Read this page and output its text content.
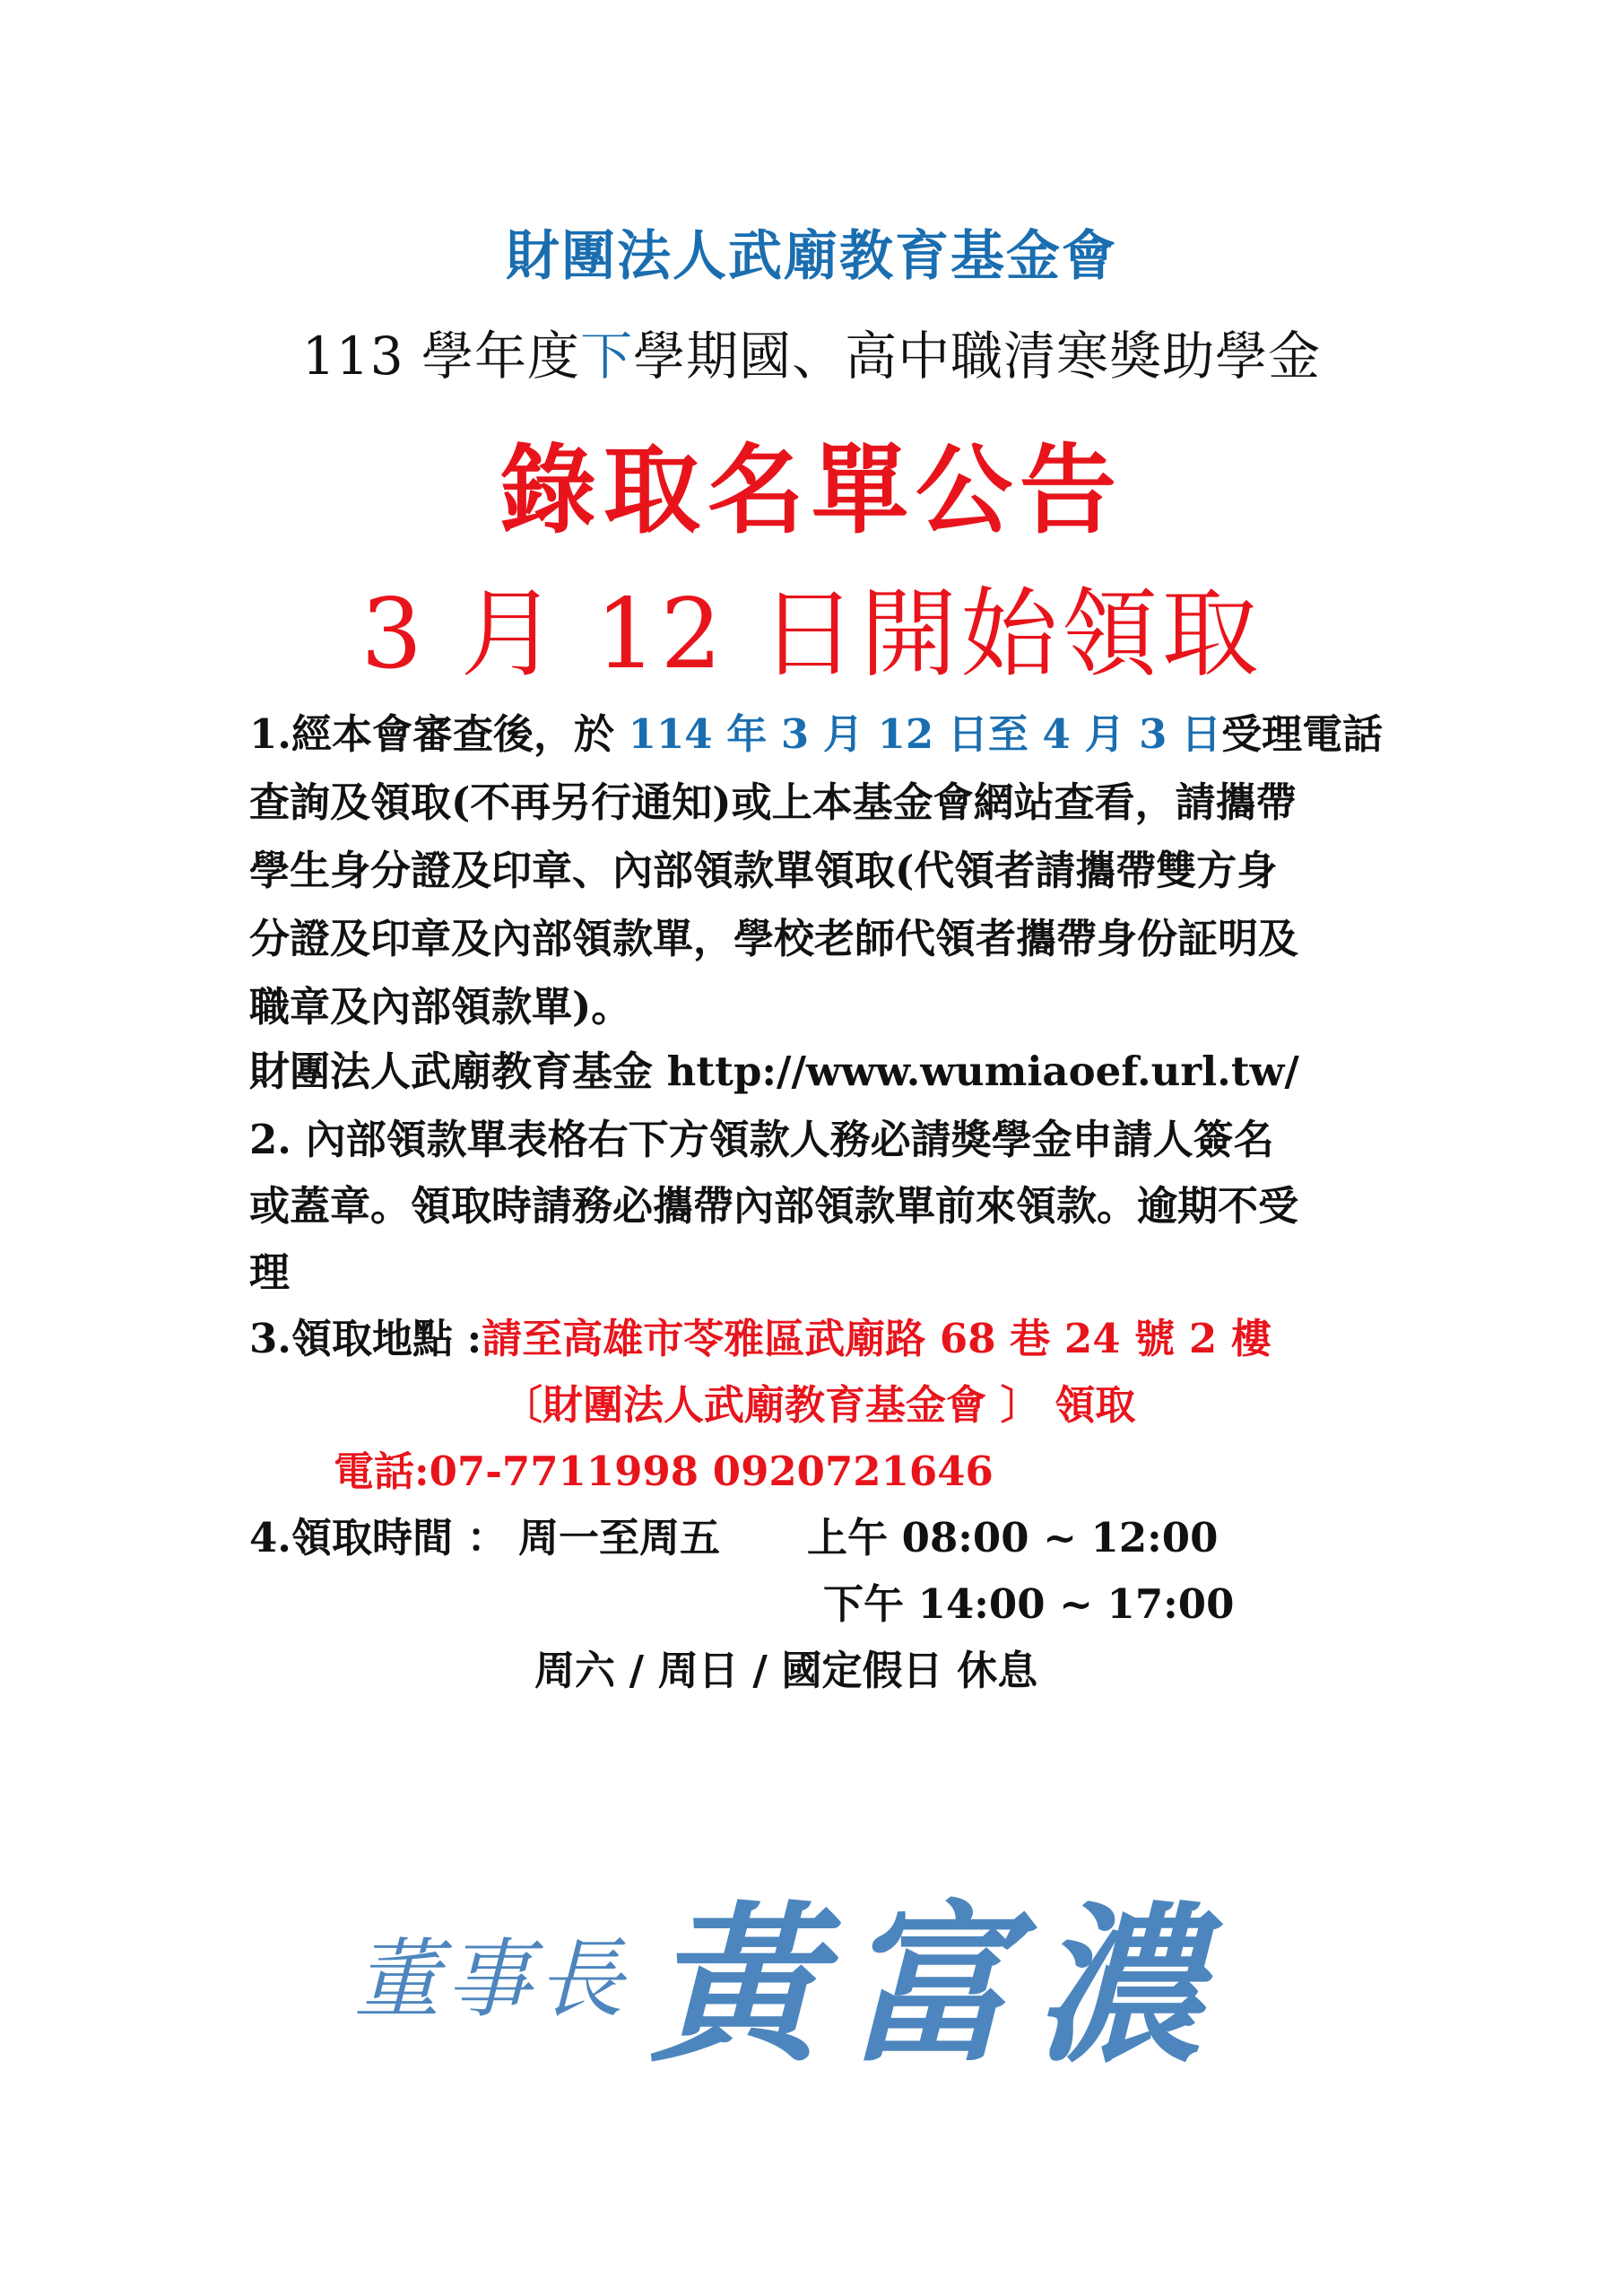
財團法人武廟教育基金會
113 學年度下學期國、高中職清寒獎助學金
錄取名單公告
3 月 12 日開始領取
1.經本會審查後，於 114 年 3 月 12 日至 4 月 3 日受理電話
查詢及領取(不再另行通知)或上本基金會網站查看，請攜帶
學生身分證及印章、內部領款單領取(代領者請攜帶雙方身
分證及印章及內部領款單，學校老師代領者攜帶身份証明及
職章及內部領款單)。
財團法人武廟教育基金 http://www.wumiaoef.url.tw/
2. 內部領款單表格右下方領款人務必請獎學金申請人簽名
或蓋章。領取時請務必攜帶內部領款單前來領款。逾期不受
理
3.領取地點 :請至高雄市苓雅區武廟路 68 巷 24 號 2 樓
〔財團法人武廟教育基金會 〕 領取
電話:07-7711998 0920721646
4.領取時間 ： 周一至周五 上午 08:00 ~ 12:00
下午 14:00 ~ 17:00
周六 / 周日 / 國定假日 休息
董事長 黃富濃
